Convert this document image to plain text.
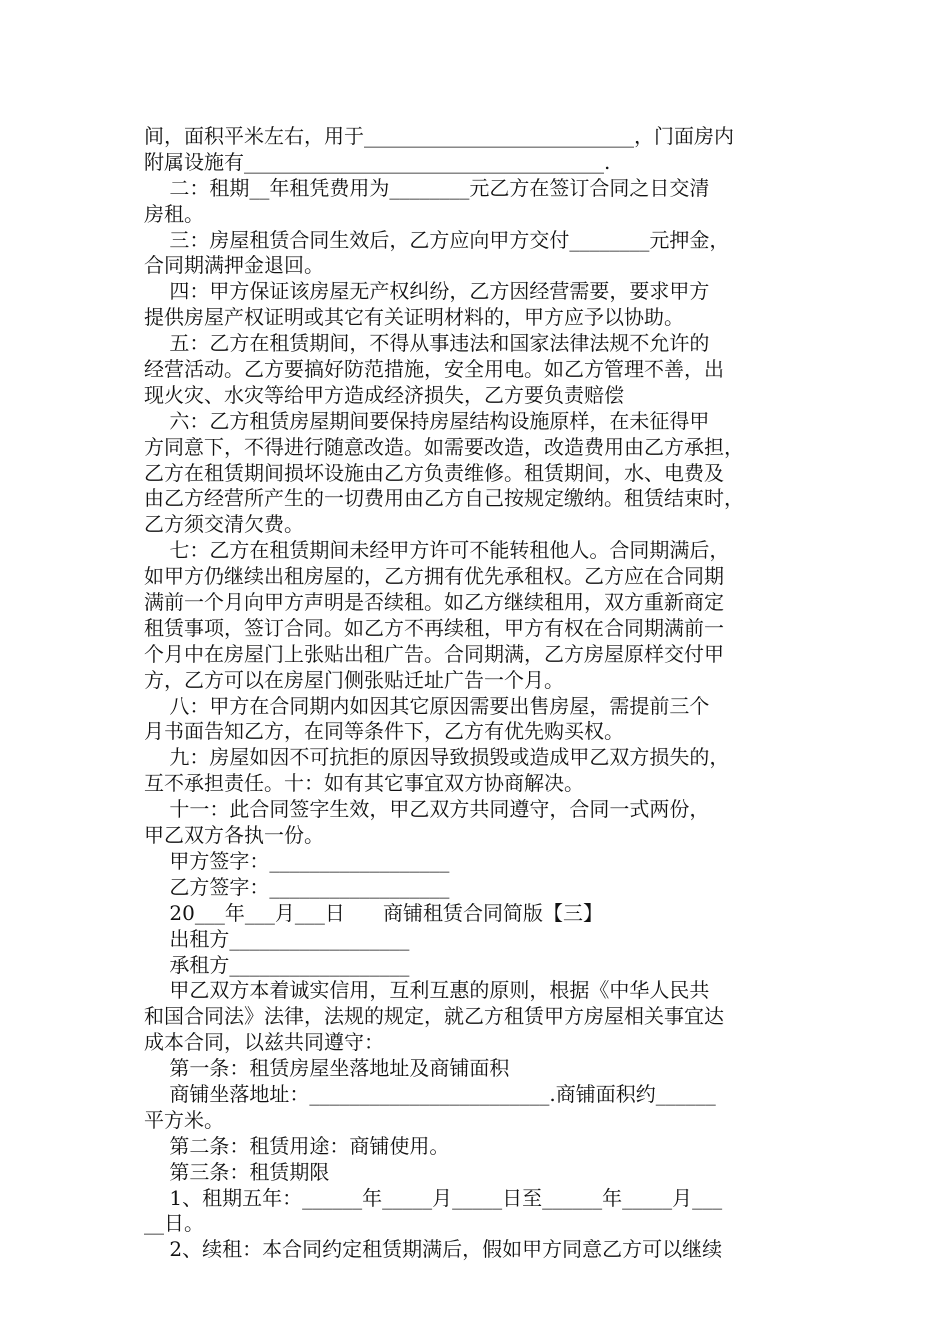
间，面积平米左右，用于___________________________，门面房内
附属设施有____________________________________.
二：租期__年租凭费用为________元乙方在签订合同之日交清
房租。
三：房屋租赁合同生效后，乙方应向甲方交付________元押金，
合同期满押金退回。
四：甲方保证该房屋无产权纠纷，乙方因经营需要，要求甲方
提供房屋产权证明或其它有关证明材料的，甲方应予以协助。
五：乙方在租赁期间，不得从事违法和国家法律法规不允许的
经营活动。乙方要搞好防范措施，安全用电。如乙方管理不善，出
现火灾、水灾等给甲方造成经济损失，乙方要负责赔偿
六：乙方租赁房屋期间要保持房屋结构设施原样，在未征得甲
方同意下，不得进行随意改造。如需要改造，改造费用由乙方承担，
乙方在租赁期间损坏设施由乙方负责维修。租赁期间，水、电费及
由乙方经营所产生的一切费用由乙方自己按规定缴纳。租赁结束时，
乙方须交清欠费。
七：乙方在租赁期间未经甲方许可不能转租他人。合同期满后，
如甲方仍继续出租房屋的，乙方拥有优先承租权。乙方应在合同期
满前一个月向甲方声明是否续租。如乙方继续租用，双方重新商定
租赁事项，签订合同。如乙方不再续租，甲方有权在合同期满前一
个月中在房屋门上张贴出租广告。合同期满，乙方房屋原样交付甲
方，乙方可以在房屋门侧张贴迁址广告一个月。
八：甲方在合同期内如因其它原因需要出售房屋，需提前三个
月书面告知乙方，在同等条件下，乙方有优先购买权。
九：房屋如因不可抗拒的原因导致损毁或造成甲乙双方损失的，
互不承担责任。十：如有其它事宜双方协商解决。
十一：此合同签字生效，甲乙双方共同遵守，合同一式两份，
甲乙双方各执一份。
甲方签字：__________________
乙方签字：__________________
20___年___月___日      商铺租赁合同简版【三】
出租方__________________
承租方__________________
甲乙双方本着诚实信用，互利互惠的原则，根据《中华人民共
和国合同法》法律，法规的规定，就乙方租赁甲方房屋相关事宜达
成本合同，以兹共同遵守：
第一条：租赁房屋坐落地址及商铺面积
商铺坐落地址：________________________.商铺面积约______
平方米。
第二条：租赁用途：商铺使用。
第三条：租赁期限
1、租期五年：______年_____月_____日至______年_____月___
__日。
2、续租：本合同约定租赁期满后，假如甲方同意乙方可以继续
